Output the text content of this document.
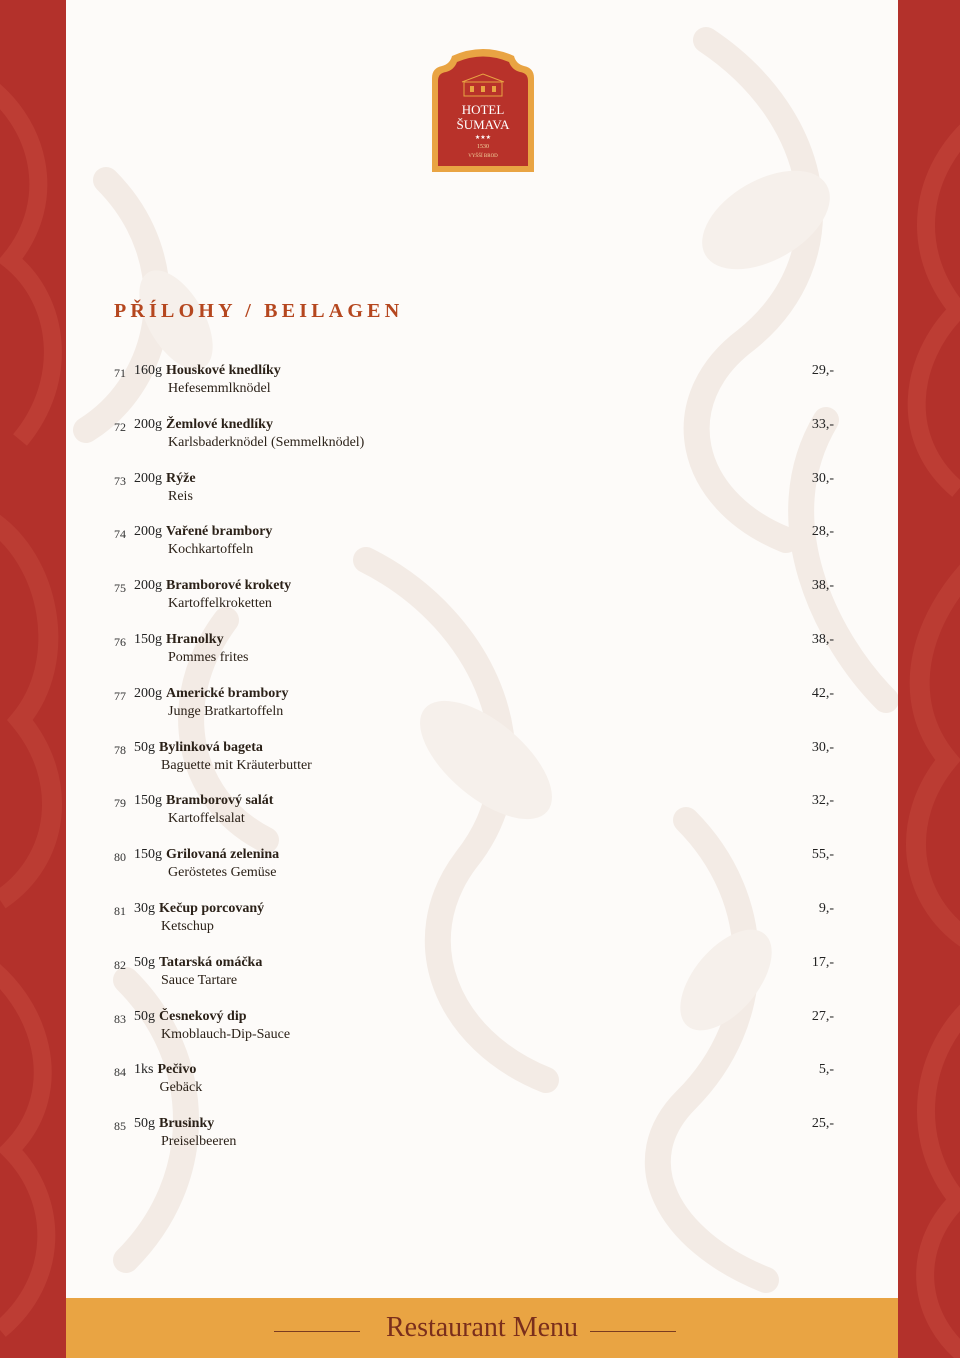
HOTEL
ŠUMAVA
★★★
1530
VYŠŠÍ BROD
PŘÍLOHY / BEILAGEN
71 160g Houskové knedlíky
Hefesemmlknödel
29,-
72 200g Žemlové knedlíky
Karlsbaderknödel (Semmelknödel)
33,-
73 200g Rýže
Reis
30,-
74 200g Vařené brambory
Kochkartoffeln
28,-
75 200g Bramborové krokety
Kartoffelkroketten
38,-
76 150g Hranolky
Pommes frites
38,-
77 200g Americké brambory
Junge Bratkartoffeln
42,-
78 50g Bylinková bageta
Baguette mit Kräuterbutter
30,-
79 150g Bramborový salát
Kartoffelsalat
32,-
80 150g Grilovaná zelenina
Geröstetes Gemüse
55,-
81 30g Kečup porcovaný
Ketschup
9,-
82 50g Tatarská omáčka
Sauce Tartare
17,-
83 50g Česnekový dip
Kmoblauch-Dip-Sauce
27,-
84 1ks Pečivo
Gebäck
5,-
85 50g Brusinky
Preiselbeeren
25,-
Restaurant Menu
